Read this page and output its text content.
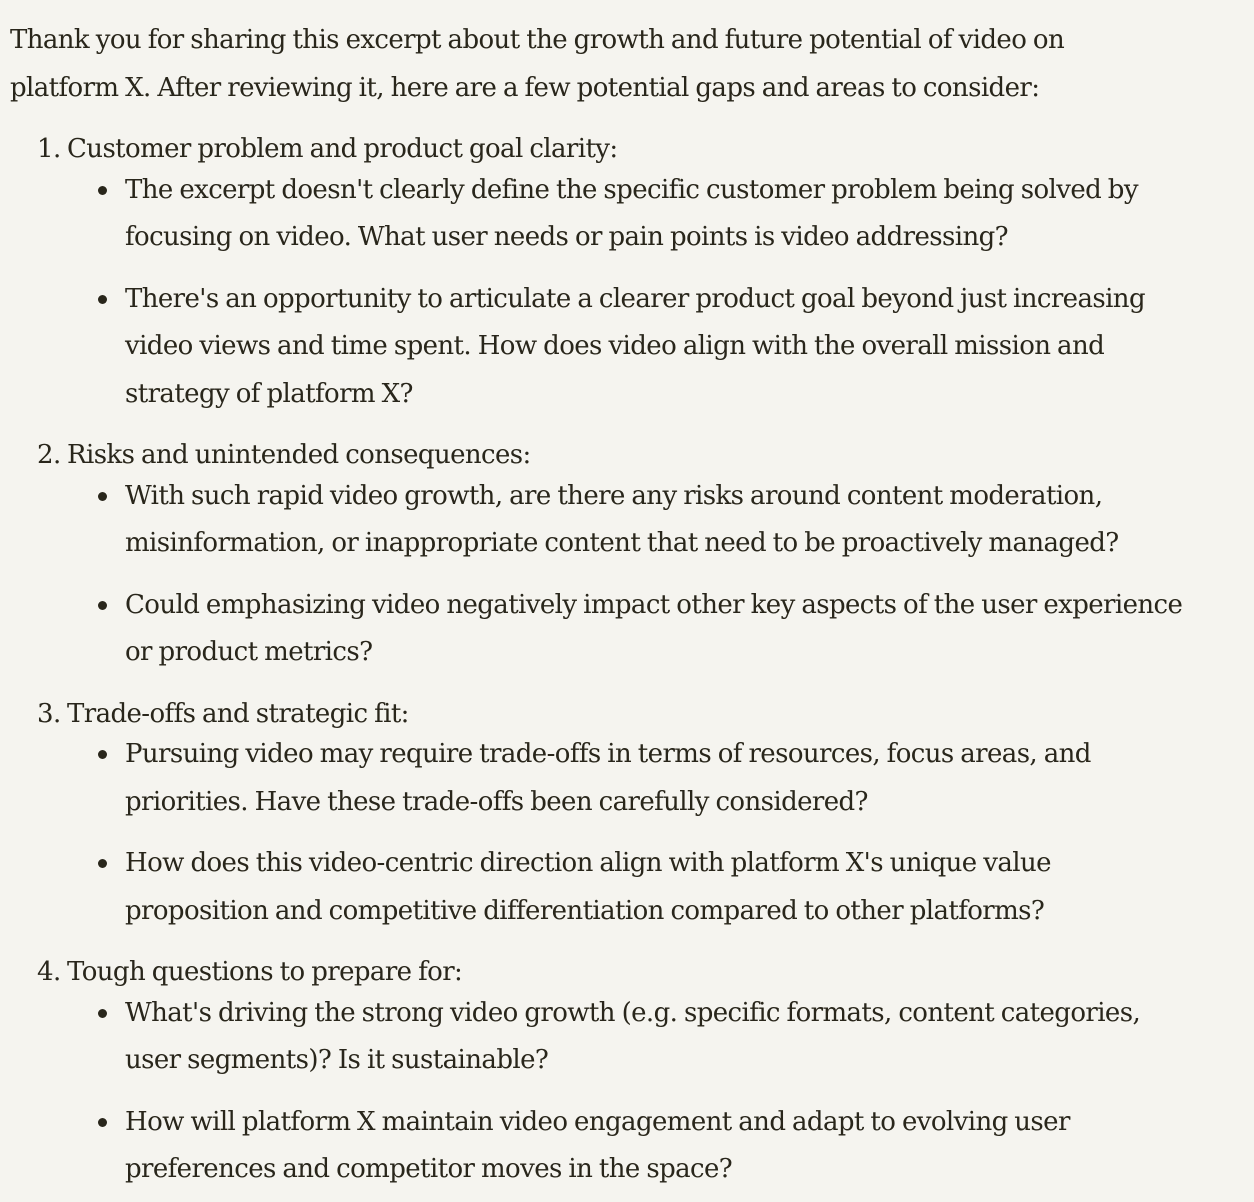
Thank you for sharing this excerpt about the growth and future potential of video on platform X. After reviewing it, here are a few potential gaps and areas to consider:

1. Customer problem and product goal clarity:
The excerpt doesn't clearly define the specific customer problem being solved by focusing on video. What user needs or pain points is video addressing?
There's an opportunity to articulate a clearer product goal beyond just increasing video views and time spent. How does video align with the overall mission and strategy of platform X?
2. Risks and unintended consequences:
With such rapid video growth, are there any risks around content moderation, misinformation, or inappropriate content that need to be proactively managed?
Could emphasizing video negatively impact other key aspects of the user experience or product metrics?
3. Trade-offs and strategic fit:
Pursuing video may require trade-offs in terms of resources, focus areas, and priorities. Have these trade-offs been carefully considered?
How does this video-centric direction align with platform X's unique value proposition and competitive differentiation compared to other platforms?
4. Tough questions to prepare for:
What's driving the strong video growth (e.g. specific formats, content categories, user segments)? Is it sustainable?
How will platform X maintain video engagement and adapt to evolving user preferences and competitor moves in the space?
